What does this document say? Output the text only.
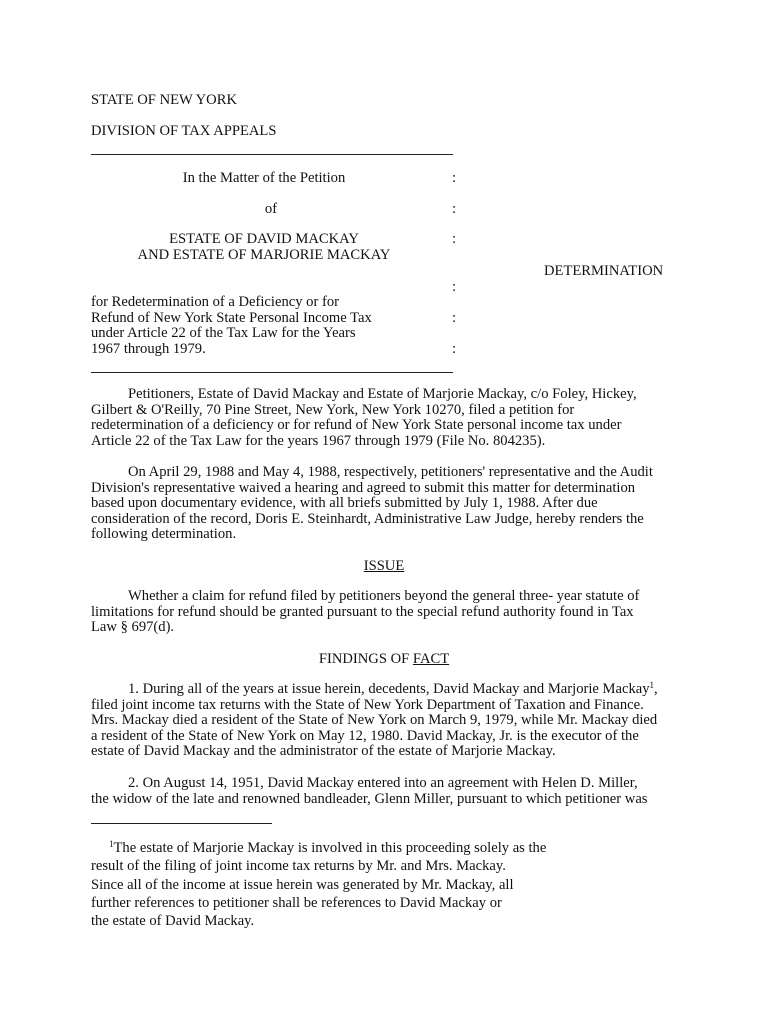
STATE OF NEW YORK
DIVISION OF TAX APPEALS
In the Matter of the Petition
of
ESTATE OF DAVID MACKAY
AND ESTATE OF MARJORIE MACKAY
for Redetermination of a Deficiency or for
Refund of New York State Personal Income Tax
under Article 22 of the Tax Law for the Years
1967 through 1979.
:
:
:
:
:
:
DETERMINATION
Petitioners, Estate of David Mackay and Estate of Marjorie Mackay, c/o Foley, Hickey,
Gilbert & O'Reilly, 70 Pine Street, New York, New York 10270, filed a petition for
redetermination of a deficiency or for refund of New York State personal income tax under
Article 22 of the Tax Law for the years 1967 through 1979 (File No. 804235).
On April 29, 1988 and May 4, 1988, respectively, petitioners' representative and the Audit
Division's representative waived a hearing and agreed to submit this matter for determination
based upon documentary evidence, with all briefs submitted by July 1, 1988. After due
consideration of the record, Doris E. Steinhardt, Administrative Law Judge, hereby renders the
following determination.
ISSUE
Whether a claim for refund filed by petitioners beyond the general three- year statute of
limitations for refund should be granted pursuant to the special refund authority found in Tax
Law § 697(d).
FINDINGS OF FACT
1. During all of the years at issue herein, decedents, David Mackay and Marjorie Mackay$^1$,
filed joint income tax returns with the State of New York Department of Taxation and Finance.
Mrs. Mackay died a resident of the State of New York on March 9, 1979, while Mr. Mackay died
a resident of the State of New York on May 12, 1980. David Mackay, Jr. is the executor of the
estate of David Mackay and the administrator of the estate of Marjorie Mackay.
2. On August 14, 1951, David Mackay entered into an agreement with Helen D. Miller,
the widow of the late and renowned bandleader, Glenn Miller, pursuant to which petitioner was
$^1$The estate of Marjorie Mackay is involved in this proceeding solely as the
result of the filing of joint income tax returns by Mr. and Mrs. Mackay.
Since all of the income at issue herein was generated by Mr. Mackay, all
further references to petitioner shall be references to David Mackay or
the estate of David Mackay.
